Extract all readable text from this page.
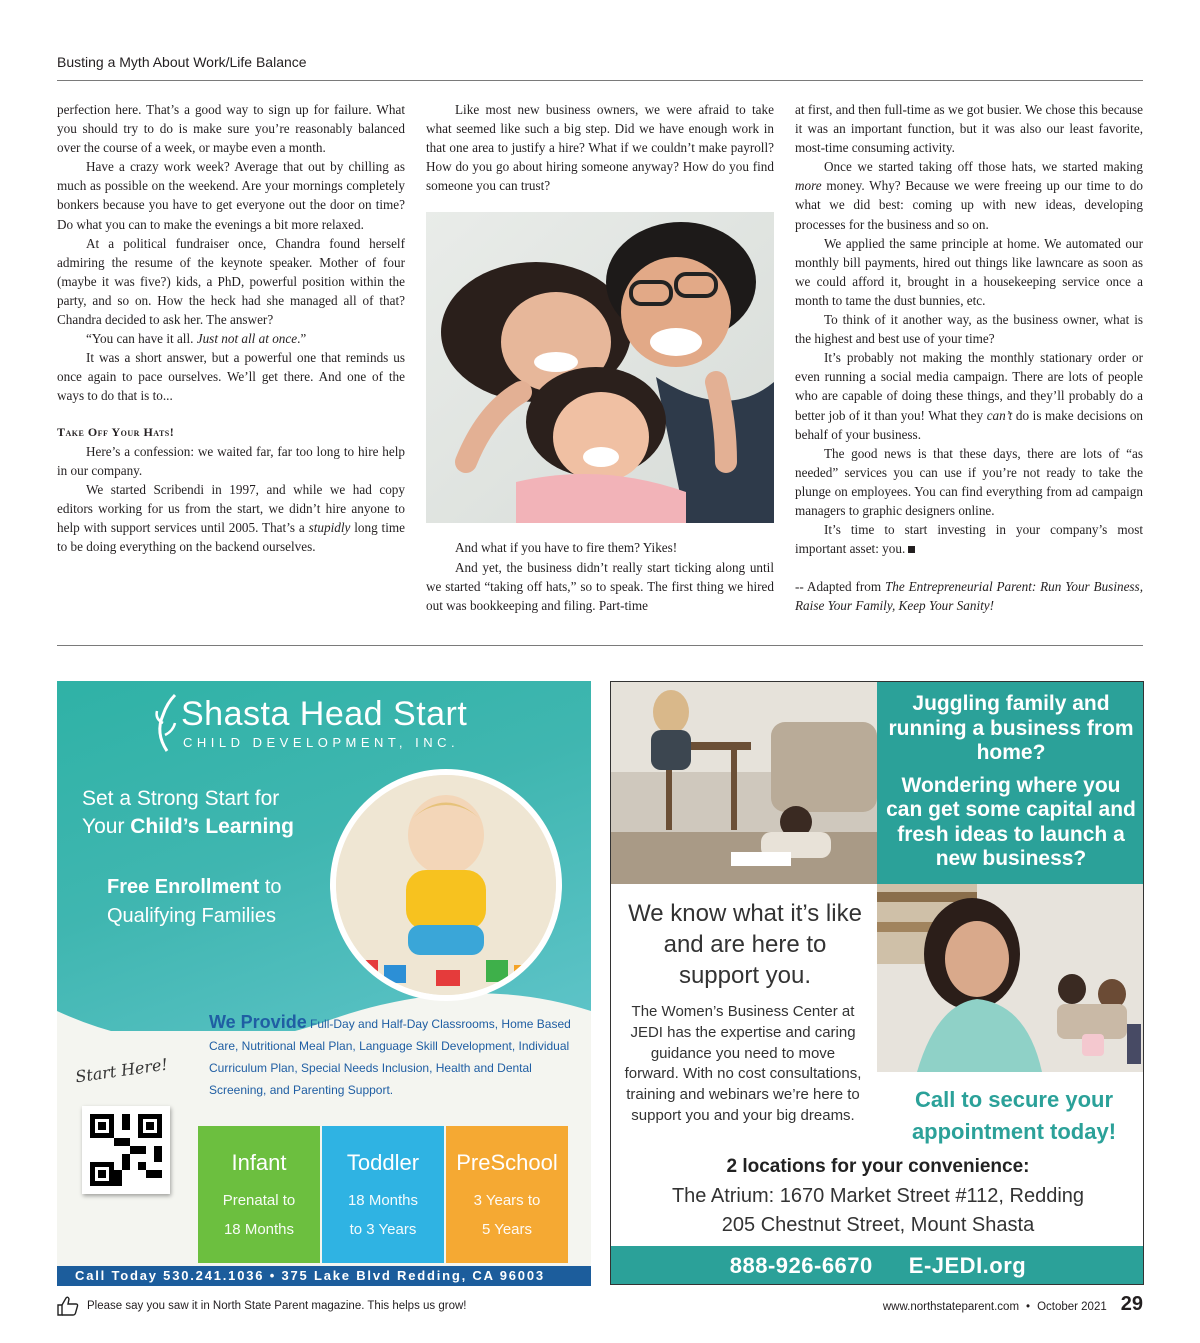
Busting a Myth About Work/Life Balance

perfection here. That’s a good way to sign up for failure. What you should try to do is make sure you’re reasonably balanced over the course of a week, or maybe even a month.

Have a crazy work week? Average that out by chilling as much as possible on the weekend. Are your mornings completely bonkers because you have to get everyone out the door on time? Do what you can to make the evenings a bit more relaxed.

At a political fundraiser once, Chandra found herself admiring the resume of the keynote speaker. Mother of four (maybe it was five?) kids, a PhD, powerful position within the party, and so on. How the heck had she managed all of that? Chandra decided to ask her. The answer?

“You can have it all. Just not all at once.”

It was a short answer, but a powerful one that reminds us once again to pace ourselves. We’ll get there. And one of the ways to do that is to...

Take Off Your Hats!

Here’s a confession: we waited far, far too long to hire help in our company.

We started Scribendi in 1997, and while we had copy editors working for us from the start, we didn’t hire anyone to help with support services until 2005. That’s a stupidly long time to be doing everything on the backend ourselves.

Like most new business owners, we were afraid to take what seemed like such a big step. Did we have enough work in that one area to justify a hire? What if we couldn’t make payroll? How do you go about hiring someone anyway? How do you find someone you can trust?

And what if you have to fire them? Yikes!

And yet, the business didn’t really start ticking along until we started “taking off hats,” so to speak. The first thing we hired out was bookkeeping and filing. Part-time

at first, and then full-time as we got busier. We chose this because it was an important function, but it was also our least favorite, most-time consuming activity.

Once we started taking off those hats, we started making more money. Why? Because we were freeing up our time to do what we did best: coming up with new ideas, developing processes for the business and so on.

We applied the same principle at home. We automated our monthly bill payments, hired out things like lawncare as soon as we could afford it, brought in a housekeeping service once a month to tame the dust bunnies, etc.

To think of it another way, as the business owner, what is the highest and best use of your time?

It’s probably not making the monthly stationary order or even running a social media campaign. There are lots of people who are capable of doing these things, and they’ll probably do a better job of it than you! What they can’t do is make decisions on behalf of your business.

The good news is that these days, there are lots of “as needed” services you can use if you’re not ready to take the plunge on employees. You can find everything from ad campaign managers to graphic designers online.

It’s time to start investing in your company’s most important asset: you.

-- Adapted from The Entrepreneurial Parent: Run Your Business, Raise Your Family, Keep Your Sanity!

Shasta Head Start
CHILD DEVELOPMENT, INC.
Set a Strong Start for
Your Child’s Learning
Free Enrollment to
Qualifying Families
We Provide Full-Day and Half-Day Classrooms, Home Based Care, Nutritional Meal Plan, Language Skill Development, Individual Curriculum Plan, Special Needs Inclusion, Health and Dental Screening, and Parenting Support.
Start Here!
Infant
Prenatal to
18 Months
Toddler
18 Months
to 3 Years
PreSchool
3 Years to
5 Years
Call Today 530.241.1036 • 375 Lake Blvd Redding, CA 96003
Juggling family and running a business from home?
Wondering where you can get some capital and fresh ideas to launch a new business?
We know what it’s like and are here to support you.
The Women’s Business Center at JEDI has the expertise and caring guidance you need to move forward. With no cost consultations, training and webinars we’re here to support you and your big dreams.
Call to secure your appointment today!
2 locations for your convenience:
The Atrium: 1670 Market Street #112, Redding
205 Chestnut Street, Mount Shasta
888-926-6670 E-JEDI.org
Please say you saw it in North State Parent magazine. This helps us grow!	www.northstateparent.com • October 2021 29
